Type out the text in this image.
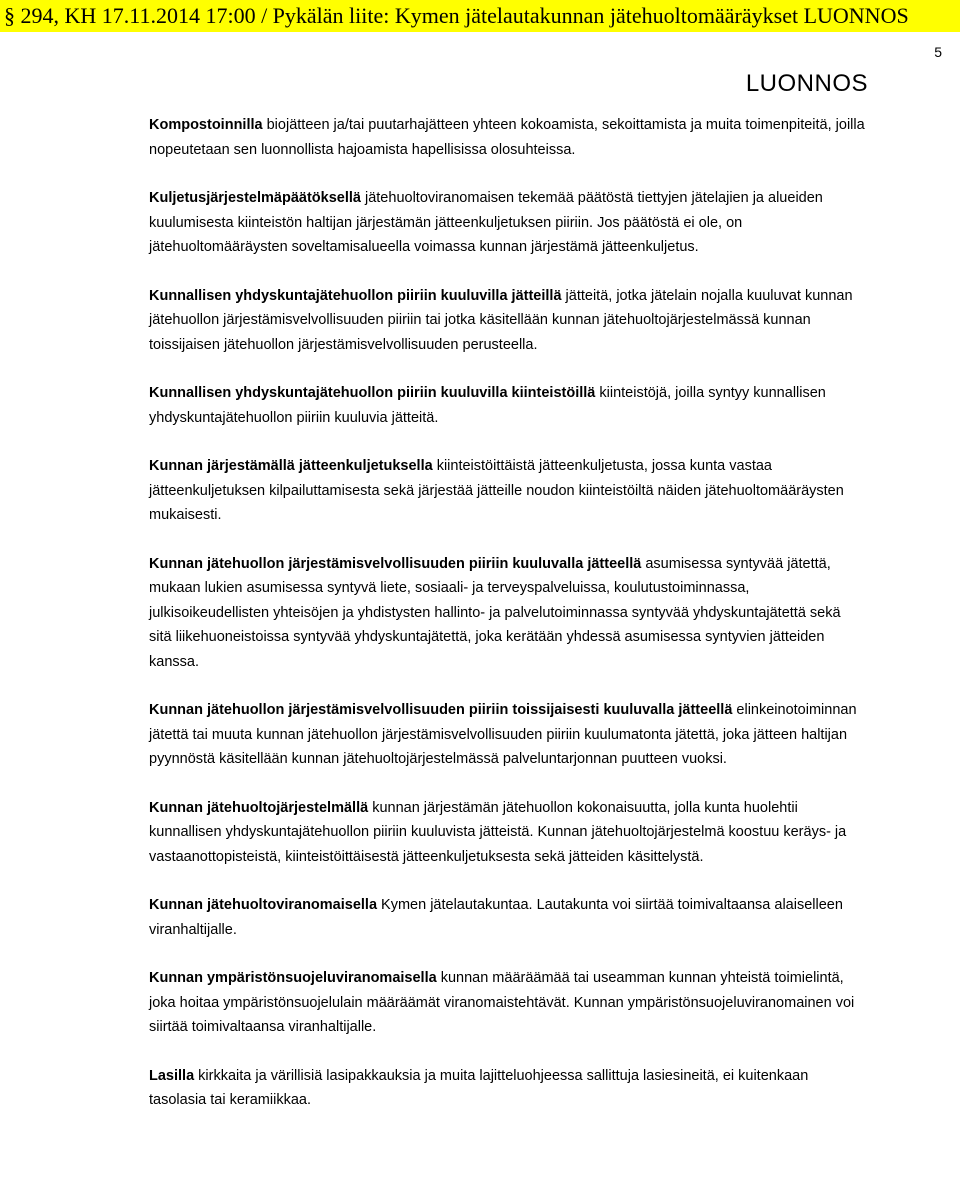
§ 294, KH 17.11.2014 17:00 / Pykälän liite: Kymen jätelautakunnan jätehuoltomääräykset LUONNOS
5
LUONNOS

Kompostoinnilla biojätteen ja/tai puutarhajätteen yhteen kokoamista, sekoittamista ja muita toimenpiteitä, joilla nopeutetaan sen luonnollista hajoamista hapellisissa olosuhteissa.

Kuljetusjärjestelmäpäätöksellä jätehuoltoviranomaisen tekemää päätöstä tiettyjen jätelajien ja alueiden kuulumisesta kiinteistön haltijan järjestämän jätteenkuljetuksen piiriin. Jos päätöstä ei ole, on jätehuoltomääräysten soveltamisalueella voimassa kunnan järjestämä jätteenkuljetus.

Kunnallisen yhdyskuntajätehuollon piiriin kuuluvilla jätteillä jätteitä, jotka jätelain nojalla kuuluvat kunnan jätehuollon järjestämisvelvollisuuden piiriin tai jotka käsitellään kunnan jätehuoltojärjestelmässä kunnan toissijaisen jätehuollon järjestämisvelvollisuuden perusteella.

Kunnallisen yhdyskuntajätehuollon piiriin kuuluvilla kiinteistöillä kiinteistöjä, joilla syntyy kunnallisen yhdyskuntajätehuollon piiriin kuuluvia jätteitä.

Kunnan järjestämällä jätteenkuljetuksella kiinteistöittäistä jätteenkuljetusta, jossa kunta vastaa jätteenkuljetuksen kilpailuttamisesta sekä järjestää jätteille noudon kiinteistöiltä näiden jätehuoltomääräysten mukaisesti.

Kunnan jätehuollon järjestämisvelvollisuuden piiriin kuuluvalla jätteellä asumisessa syntyvää jätettä, mukaan lukien asumisessa syntyvä liete, sosiaali- ja terveyspalveluissa, koulutustoiminnassa, julkisoikeudellisten yhteisöjen ja yhdistysten hallinto- ja palvelutoiminnassa syntyvää yhdyskuntajätettä sekä sitä liikehuoneistoissa syntyvää yhdyskuntajätettä, joka kerätään yhdessä asumisessa syntyvien jätteiden kanssa.

Kunnan jätehuollon järjestämisvelvollisuuden piiriin toissijaisesti kuuluvalla jätteellä elinkeinotoiminnan jätettä tai muuta kunnan jätehuollon järjestämisvelvollisuuden piiriin kuulumatonta jätettä, joka jätteen haltijan pyynnöstä käsitellään kunnan jätehuoltojärjestelmässä palveluntarjonnan puutteen vuoksi.

Kunnan jätehuoltojärjestelmällä kunnan järjestämän jätehuollon kokonaisuutta, jolla kunta huolehtii kunnallisen yhdyskuntajätehuollon piiriin kuuluvista jätteistä. Kunnan jätehuoltojärjestelmä koostuu keräys- ja vastaanottopisteistä, kiinteistöittäisestä jätteenkuljetuksesta sekä jätteiden käsittelystä.

Kunnan jätehuoltoviranomaisella Kymen jätelautakuntaa. Lautakunta voi siirtää toimivaltaansa alaiselleen viranhaltijalle.

Kunnan ympäristönsuojeluviranomaisella kunnan määräämää tai useamman kunnan yhteistä toimielintä, joka hoitaa ympäristönsuojelulain määräämät viranomaistehtävät. Kunnan ympäristönsuojeluviranomainen voi siirtää toimivaltaansa viranhaltijalle.

Lasilla kirkkaita ja värillisiä lasipakkauksia ja muita lajitteluohjeessa sallittuja lasiesineitä, ei kuitenkaan tasolasia tai keramiikkaa.
